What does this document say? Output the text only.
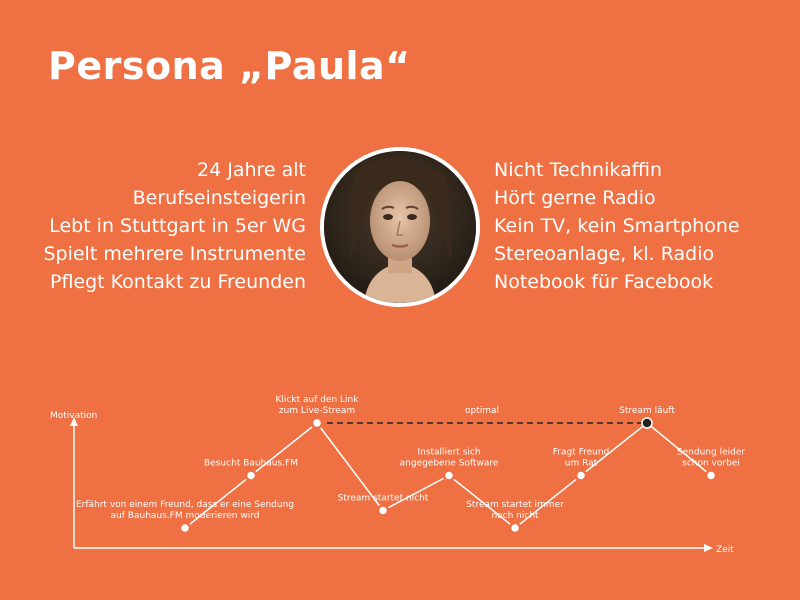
Persona „Paula“
24 Jahre alt
Berufseinsteigerin
Lebt in Stuttgart in 5er WG
Spielt mehrere Instrumente
Pflegt Kontakt zu Freunden
Nicht Technikaffin
Hört gerne Radio
Kein TV, kein Smartphone
Stereoanlage, kl. Radio
Notebook für Facebook
Motivation
Zeit
optimal
Erfährt von einem Freund, dass er eine Sendung
auf Bauhaus.FM moderieren wird
Besucht Bauhaus.FM
Klickt auf den Link
zum Live-Stream
Stream startet nicht
Installiert sich
angegebene Software
Stream startet immer
noch nicht
Fragt Freund
um Rat
Stream läuft
Sendung leider
schon vorbei
